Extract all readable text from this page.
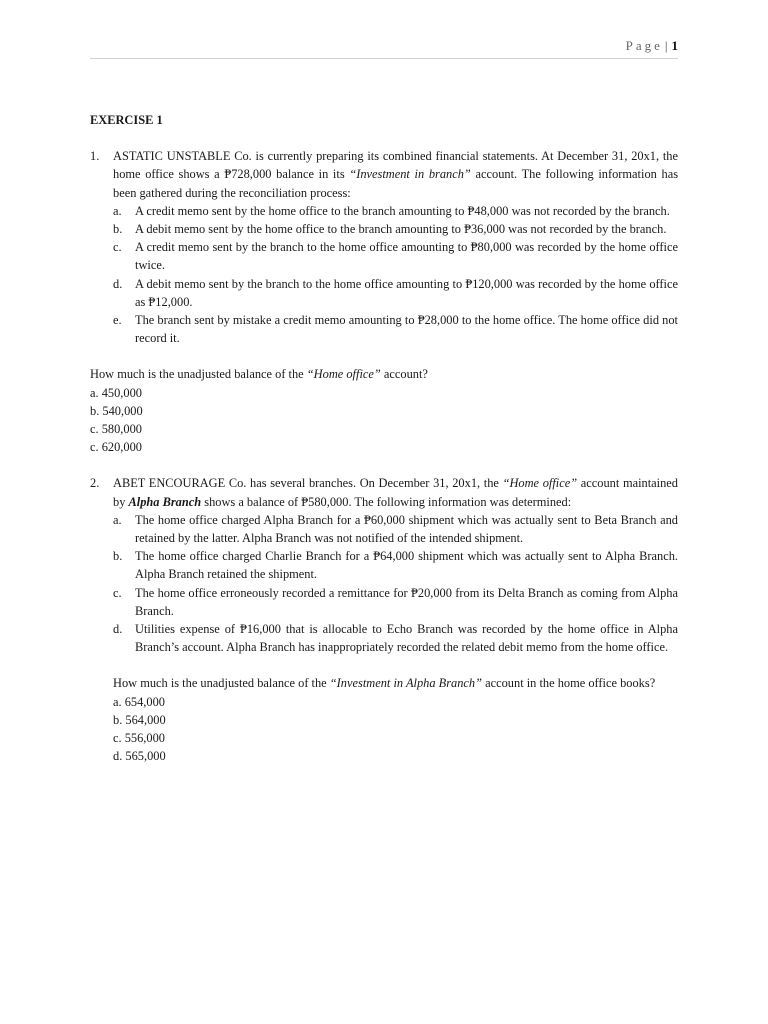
Page | 1
EXERCISE 1
1. ASTATIC UNSTABLE Co. is currently preparing its combined financial statements. At December 31, 20x1, the home office shows a ₱728,000 balance in its “Investment in branch” account. The following information has been gathered during the reconciliation process:
a. A credit memo sent by the home office to the branch amounting to ₱48,000 was not recorded by the branch.
b. A debit memo sent by the home office to the branch amounting to ₱36,000 was not recorded by the branch.
c. A credit memo sent by the branch to the home office amounting to ₱80,000 was recorded by the home office twice.
d. A debit memo sent by the branch to the home office amounting to ₱120,000 was recorded by the home office as ₱12,000.
e. The branch sent by mistake a credit memo amounting to ₱28,000 to the home office. The home office did not record it.
How much is the unadjusted balance of the “Home office” account?
a. 450,000
b. 540,000
c. 580,000
c. 620,000
2. ABET ENCOURAGE Co. has several branches. On December 31, 20x1, the “Home office” account maintained by Alpha Branch shows a balance of ₱580,000. The following information was determined:
a. The home office charged Alpha Branch for a ₱60,000 shipment which was actually sent to Beta Branch and retained by the latter. Alpha Branch was not notified of the intended shipment.
b. The home office charged Charlie Branch for a ₱64,000 shipment which was actually sent to Alpha Branch. Alpha Branch retained the shipment.
c. The home office erroneously recorded a remittance for ₱20,000 from its Delta Branch as coming from Alpha Branch.
d. Utilities expense of ₱16,000 that is allocable to Echo Branch was recorded by the home office in Alpha Branch’s account. Alpha Branch has inappropriately recorded the related debit memo from the home office.
How much is the unadjusted balance of the “Investment in Alpha Branch” account in the home office books?
a. 654,000
b. 564,000
c. 556,000
d. 565,000
